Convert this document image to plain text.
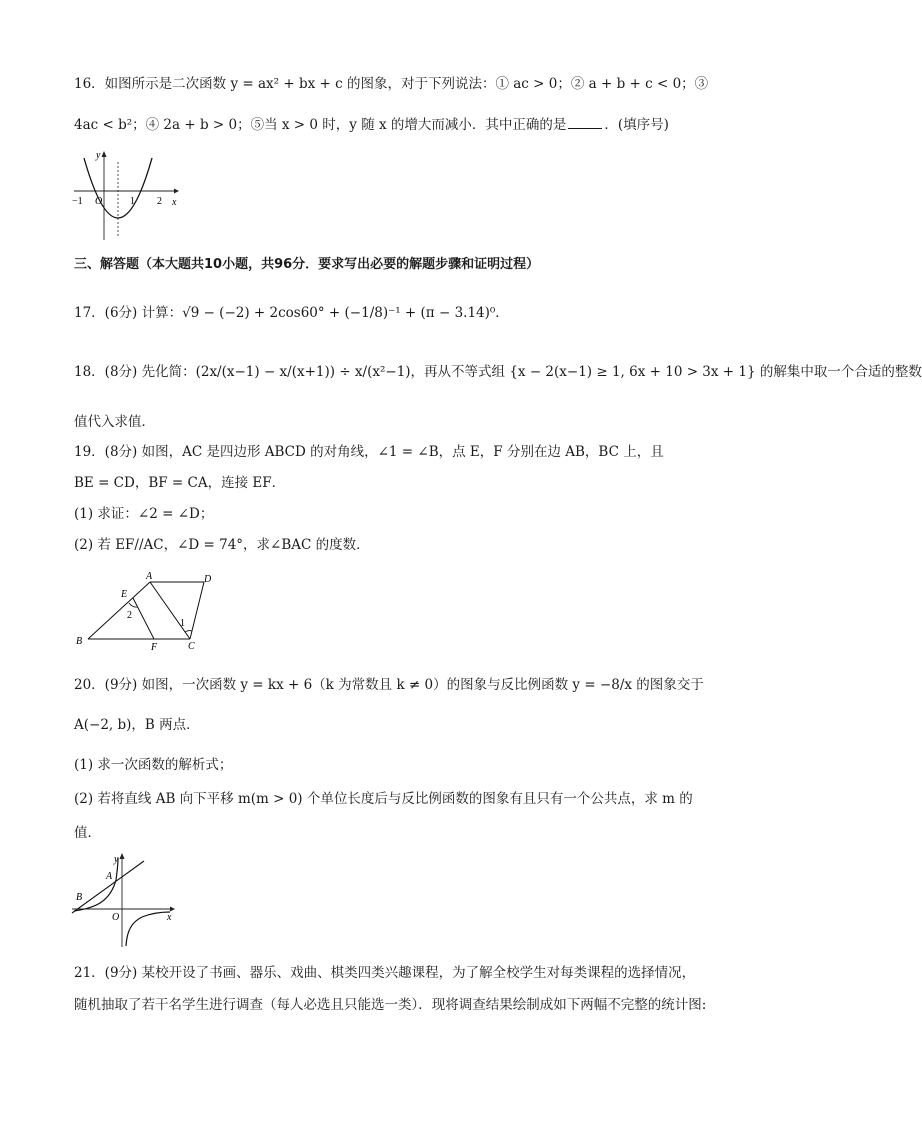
16．如图所示是二次函数 y = ax² + bx + c 的图象，对于下列说法：① ac > 0；② a + b + c < 0；③
4ac < b²；④ 2a + b > 0；⑤当 x > 0 时，y 随 x 的增大而减小．其中正确的是	．(填序号)
y
x
O
−1	1 2
三、解答题（本大题共10小题，共96分．要求写出必要的解题步骤和证明过程）
17．(6分) 计算：√9 − (−2) + 2cos60° + (−1/8)⁻¹ + (π − 3.14)⁰．
18．(8分) 先化简：(2x/(x−1) − x/(x+1)) ÷ x/(x²−1)，再从不等式组 {x − 2(x−1) ≥ 1, 6x + 10 > 3x + 1} 的解集中取一个合适的整数
值代入求值．
19．(8分) 如图，AC 是四边形 ABCD 的对角线，∠1 = ∠B，点 E，F 分别在边 AB，BC 上，且
BE = CD，BF = CA，连接 EF．
(1) 求证：∠2 = ∠D；
(2) 若 EF//AC，∠D = 74°，求∠BAC 的度数．
A
B	C
D
E
F
1
2
20．(9分) 如图，一次函数 y = kx + 6（k 为常数且 k ≠ 0）的图象与反比例函数 y = −8/x 的图象交于
A(−2, b)，B 两点．
(1) 求一次函数的解析式；
(2) 若将直线 AB 向下平移 m(m > 0) 个单位长度后与反比例函数的图象有且只有一个公共点，求 m 的
值．
y
x
O
A
B
21．(9分) 某校开设了书画、器乐、戏曲、棋类四类兴趣课程，为了解全校学生对每类课程的选择情况，
随机抽取了若干名学生进行调查（每人必选且只能选一类）．现将调查结果绘制成如下两幅不完整的统计图:
